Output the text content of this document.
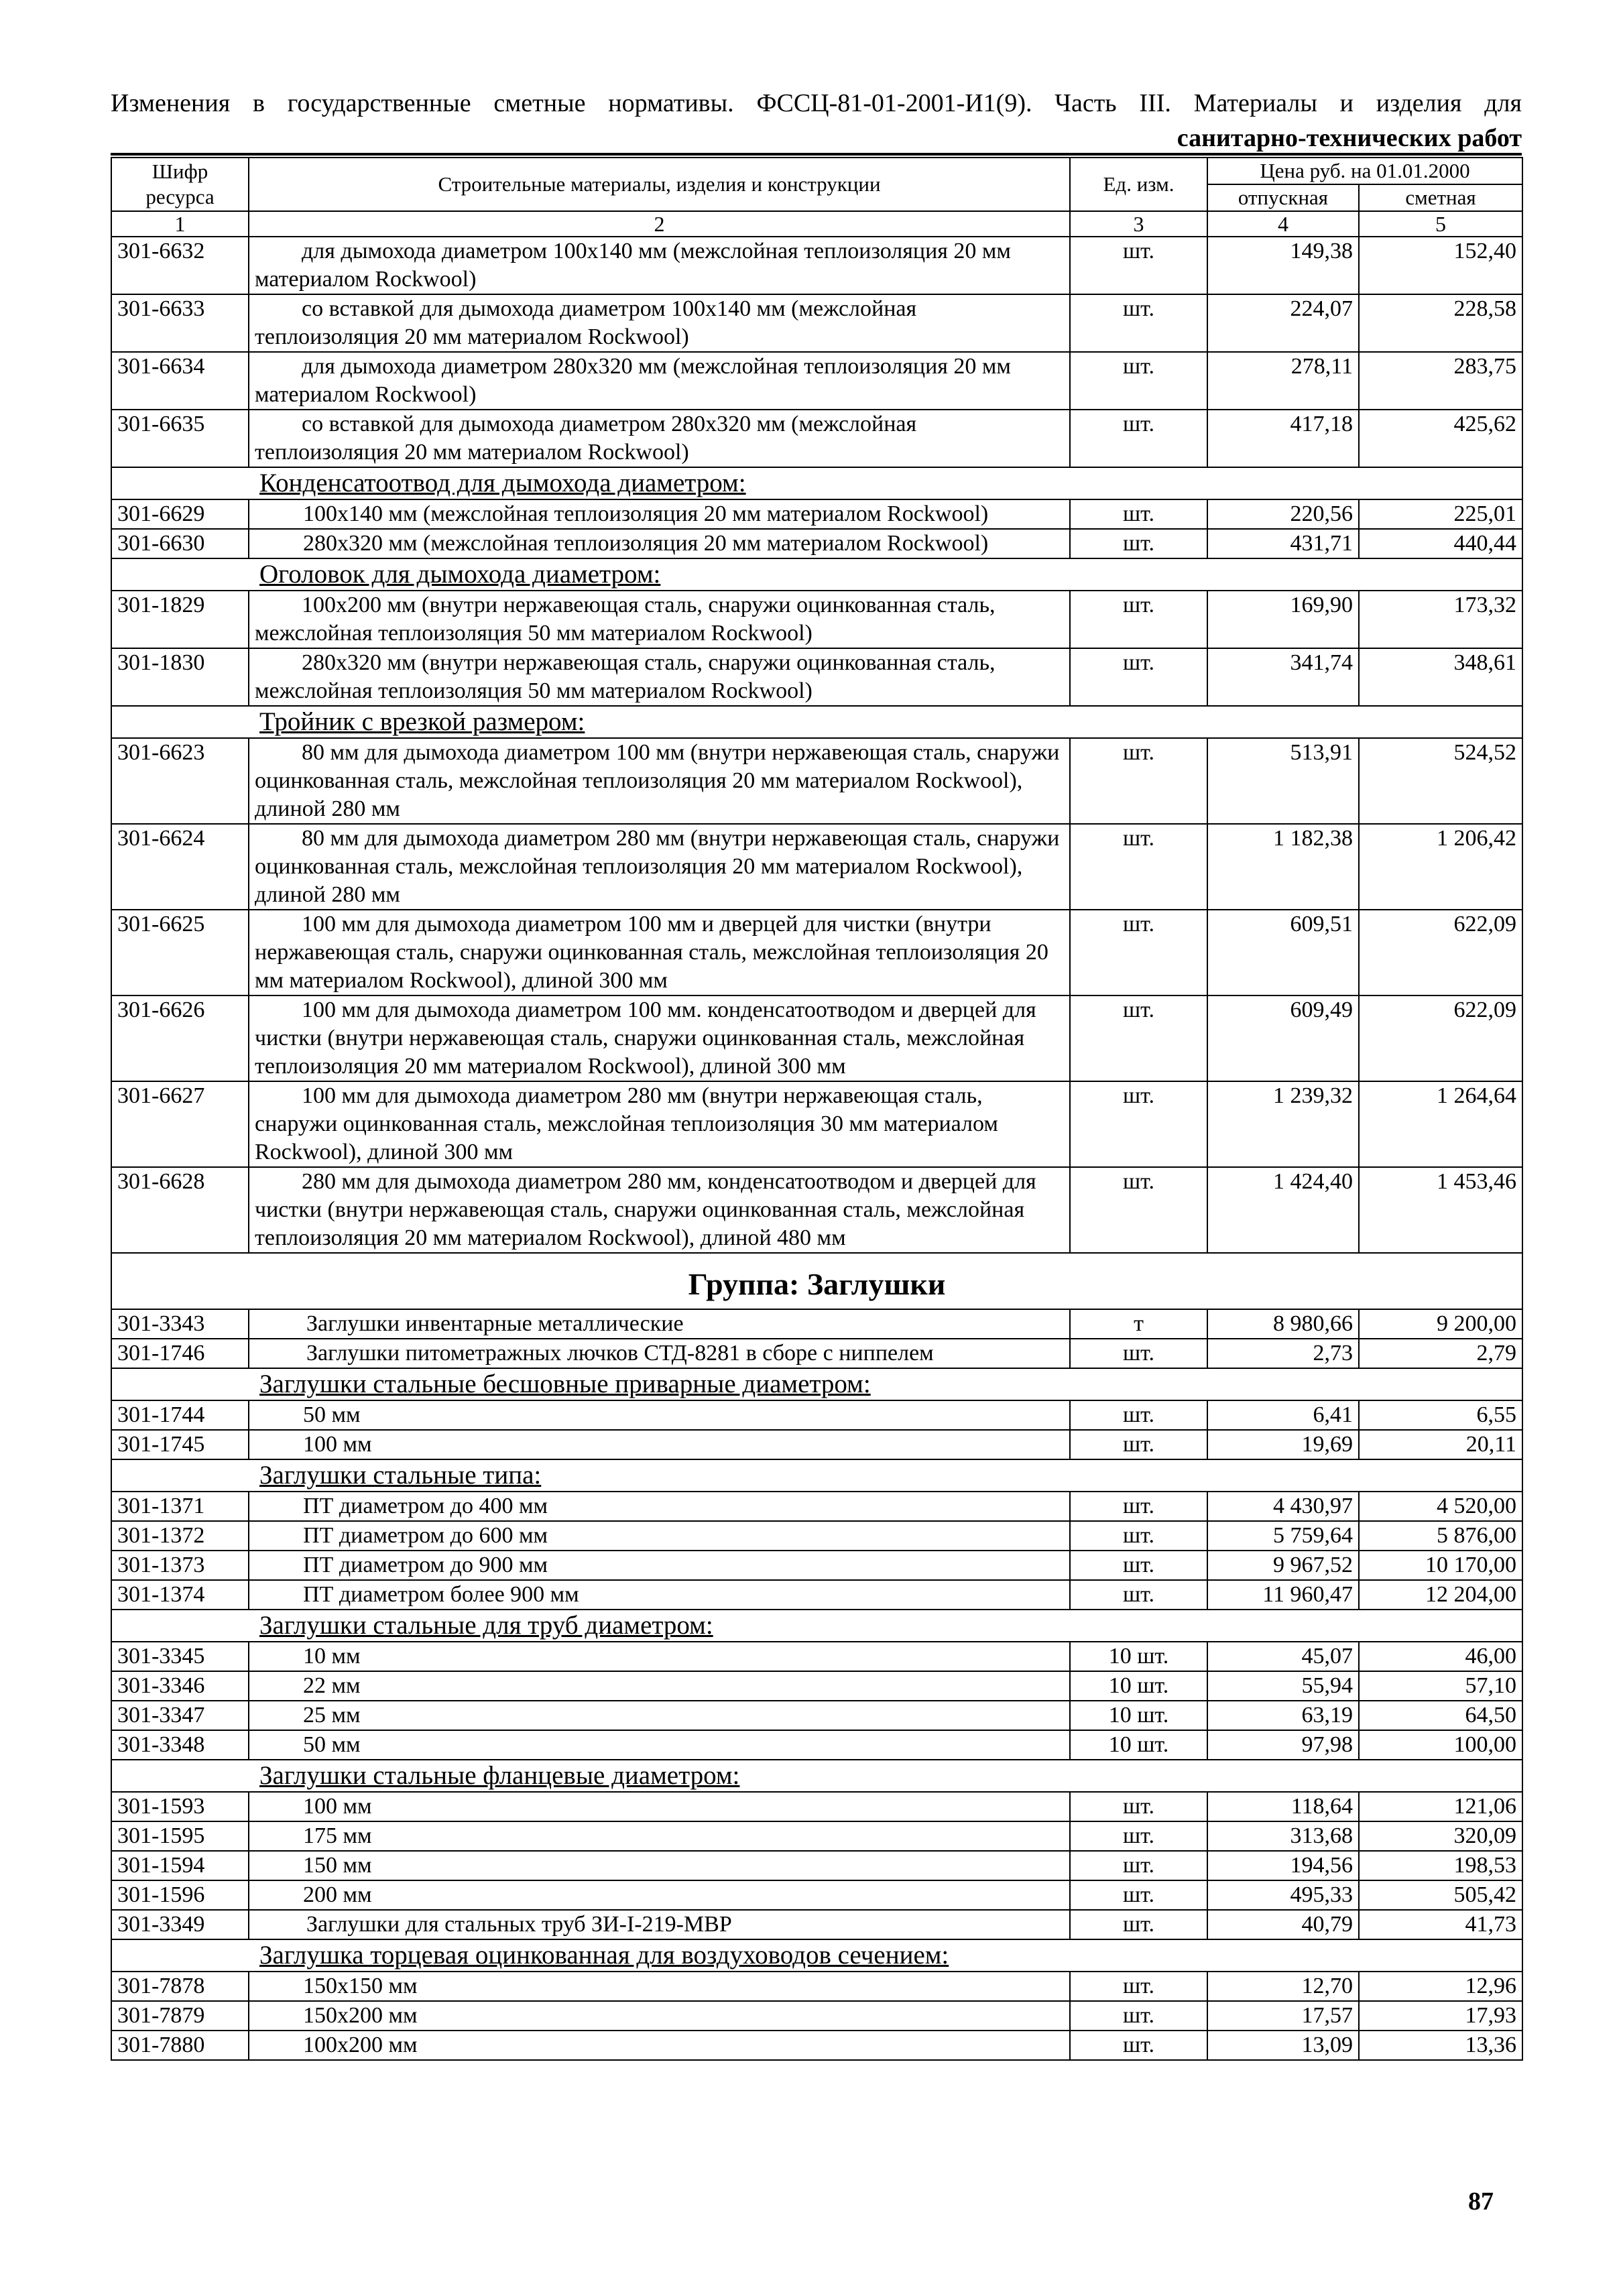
Изменения в государственные сметные нормативы. ФССЦ-81-01-2001-И1(9). Часть III. Материалы и изделия для
санитарно-технических работ
Шифр ресурса	Строительные материалы, изделия и конструкции	Ед. изм.	Цена руб. на 01.01.2000	
			отпускная	сметная
1	2	3	4	5
301-6632	для дымохода диаметром 100х140 мм (межслойная теплоизоляция 20 мм материалом Rockwool)	шт.	149,38	152,40
301-6633	со вставкой для дымохода диаметром 100х140 мм (межслойная теплоизоляция 20 мм материалом Rockwool)	шт.	224,07	228,58
301-6634	для дымохода диаметром 280х320 мм (межслойная теплоизоляция 20 мм материалом Rockwool)	шт.	278,11	283,75
301-6635	со вставкой для дымохода диаметром 280х320 мм (межслойная теплоизоляция 20 мм материалом Rockwool)	шт.	417,18	425,62
Конденсатоотвод для дымохода диаметром:				
301-6629	100х140 мм (межслойная теплоизоляция 20 мм материалом Rockwool)	шт.	220,56	225,01
301-6630	280х320 мм (межслойная теплоизоляция 20 мм материалом Rockwool)	шт.	431,71	440,44
Оголовок для дымохода диаметром:				
301-1829	100х200 мм (внутри нержавеющая сталь, снаружи оцинкованная сталь, межслойная теплоизоляция 50 мм материалом Rockwool)	шт.	169,90	173,32
301-1830	280х320 мм (внутри нержавеющая сталь, снаружи оцинкованная сталь, межслойная теплоизоляция 50 мм материалом Rockwool)	шт.	341,74	348,61
Тройник с врезкой размером:				
301-6623	80 мм для дымохода диаметром 100 мм (внутри нержавеющая сталь, снаружи оцинкованная сталь, межслойная теплоизоляция 20 мм материалом Rockwool), длиной 280 мм	шт.	513,91	524,52
301-6624	80 мм для дымохода диаметром 280 мм (внутри нержавеющая сталь, снаружи оцинкованная сталь, межслойная теплоизоляция 20 мм материалом Rockwool), длиной 280 мм	шт.	1 182,38	1 206,42
301-6625	100 мм для дымохода диаметром 100 мм и дверцей для чистки (внутри нержавеющая сталь, снаружи оцинкованная сталь, межслойная теплоизоляция 20 мм материалом Rockwool), длиной 300 мм	шт.	609,51	622,09
301-6626	100 мм для дымохода диаметром 100 мм. конденсатоотводом и дверцей для чистки (внутри нержавеющая сталь, снаружи оцинкованная сталь, межслойная теплоизоляция 20 мм материалом Rockwool), длиной 300 мм	шт.	609,49	622,09
301-6627	100 мм для дымохода диаметром 280 мм (внутри нержавеющая сталь, снаружи оцинкованная сталь, межслойная теплоизоляция 30 мм материалом Rockwool), длиной 300 мм	шт.	1 239,32	1 264,64
301-6628	280 мм для дымохода диаметром 280 мм, конденсатоотводом и дверцей для чистки (внутри нержавеющая сталь, снаружи оцинкованная сталь, межслойная теплоизоляция 20 мм материалом Rockwool), длиной 480 мм	шт.	1 424,40	1 453,46
Группа: Заглушки				
301-3343	Заглушки инвентарные металлические	т	8 980,66	9 200,00
301-1746	Заглушки питометражных лючков СТД-8281 в сборе с ниппелем	шт.	2,73	2,79
Заглушки стальные бесшовные приварные диаметром:				
301-1744	50 мм	шт.	6,41	6,55
301-1745	100 мм	шт.	19,69	20,11
Заглушки стальные типа:				
301-1371	ПТ диаметром до 400 мм	шт.	4 430,97	4 520,00
301-1372	ПТ диаметром до 600 мм	шт.	5 759,64	5 876,00
301-1373	ПТ диаметром до 900 мм	шт.	9 967,52	10 170,00
301-1374	ПТ диаметром более 900 мм	шт.	11 960,47	12 204,00
Заглушки стальные для труб диаметром:				
301-3345	10 мм	10 шт.	45,07	46,00
301-3346	22 мм	10 шт.	55,94	57,10
301-3347	25 мм	10 шт.	63,19	64,50
301-3348	50 мм	10 шт.	97,98	100,00
Заглушки стальные фланцевые диаметром:				
301-1593	100 мм	шт.	118,64	121,06
301-1595	175 мм	шт.	313,68	320,09
301-1594	150 мм	шт.	194,56	198,53
301-1596	200 мм	шт.	495,33	505,42
301-3349	Заглушки для стальных труб ЗИ-I-219-МВР	шт.	40,79	41,73
Заглушка торцевая оцинкованная для воздуховодов сечением:				
301-7878	150х150 мм	шт.	12,70	12,96
301-7879	150х200 мм	шт.	17,57	17,93
301-7880	100х200 мм	шт.	13,09	13,36
87
